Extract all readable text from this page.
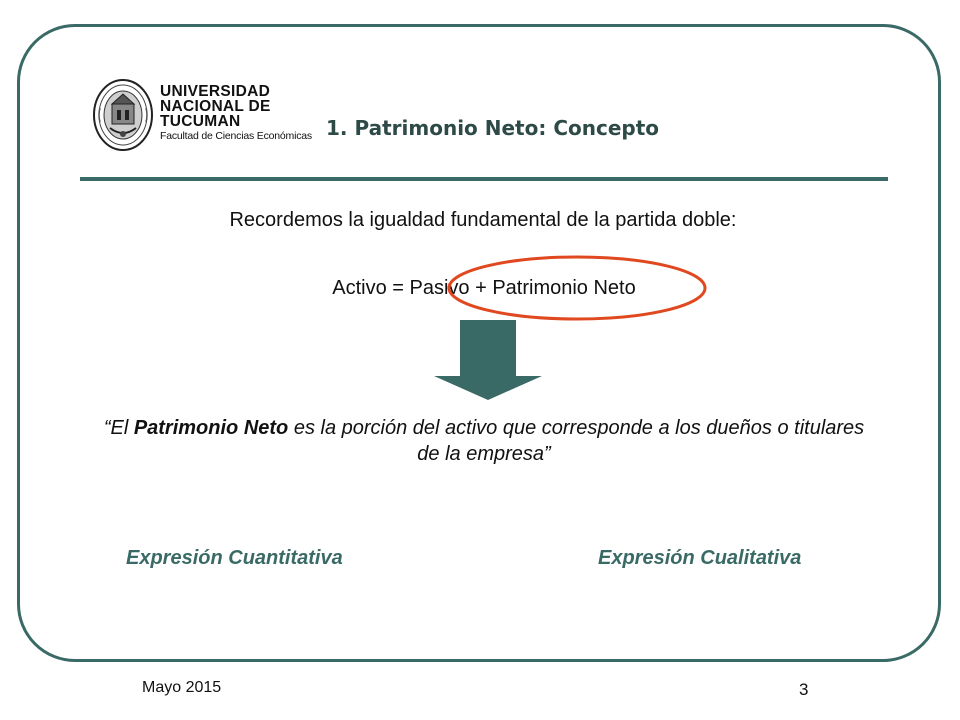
UNIVERSIDAD
NACIONAL DE
TUCUMAN
Facultad de Ciencias Económicas 1. Patrimonio Neto: Concepto
Recordemos la igualdad fundamental de la partida doble:
Activo = Pasivo + Patrimonio Neto
“El Patrimonio Neto es la porción del activo que corresponde a los dueños o titulares de la empresa”
Expresión Cuantitativa	Expresión Cualitativa
Mayo 2015	3
